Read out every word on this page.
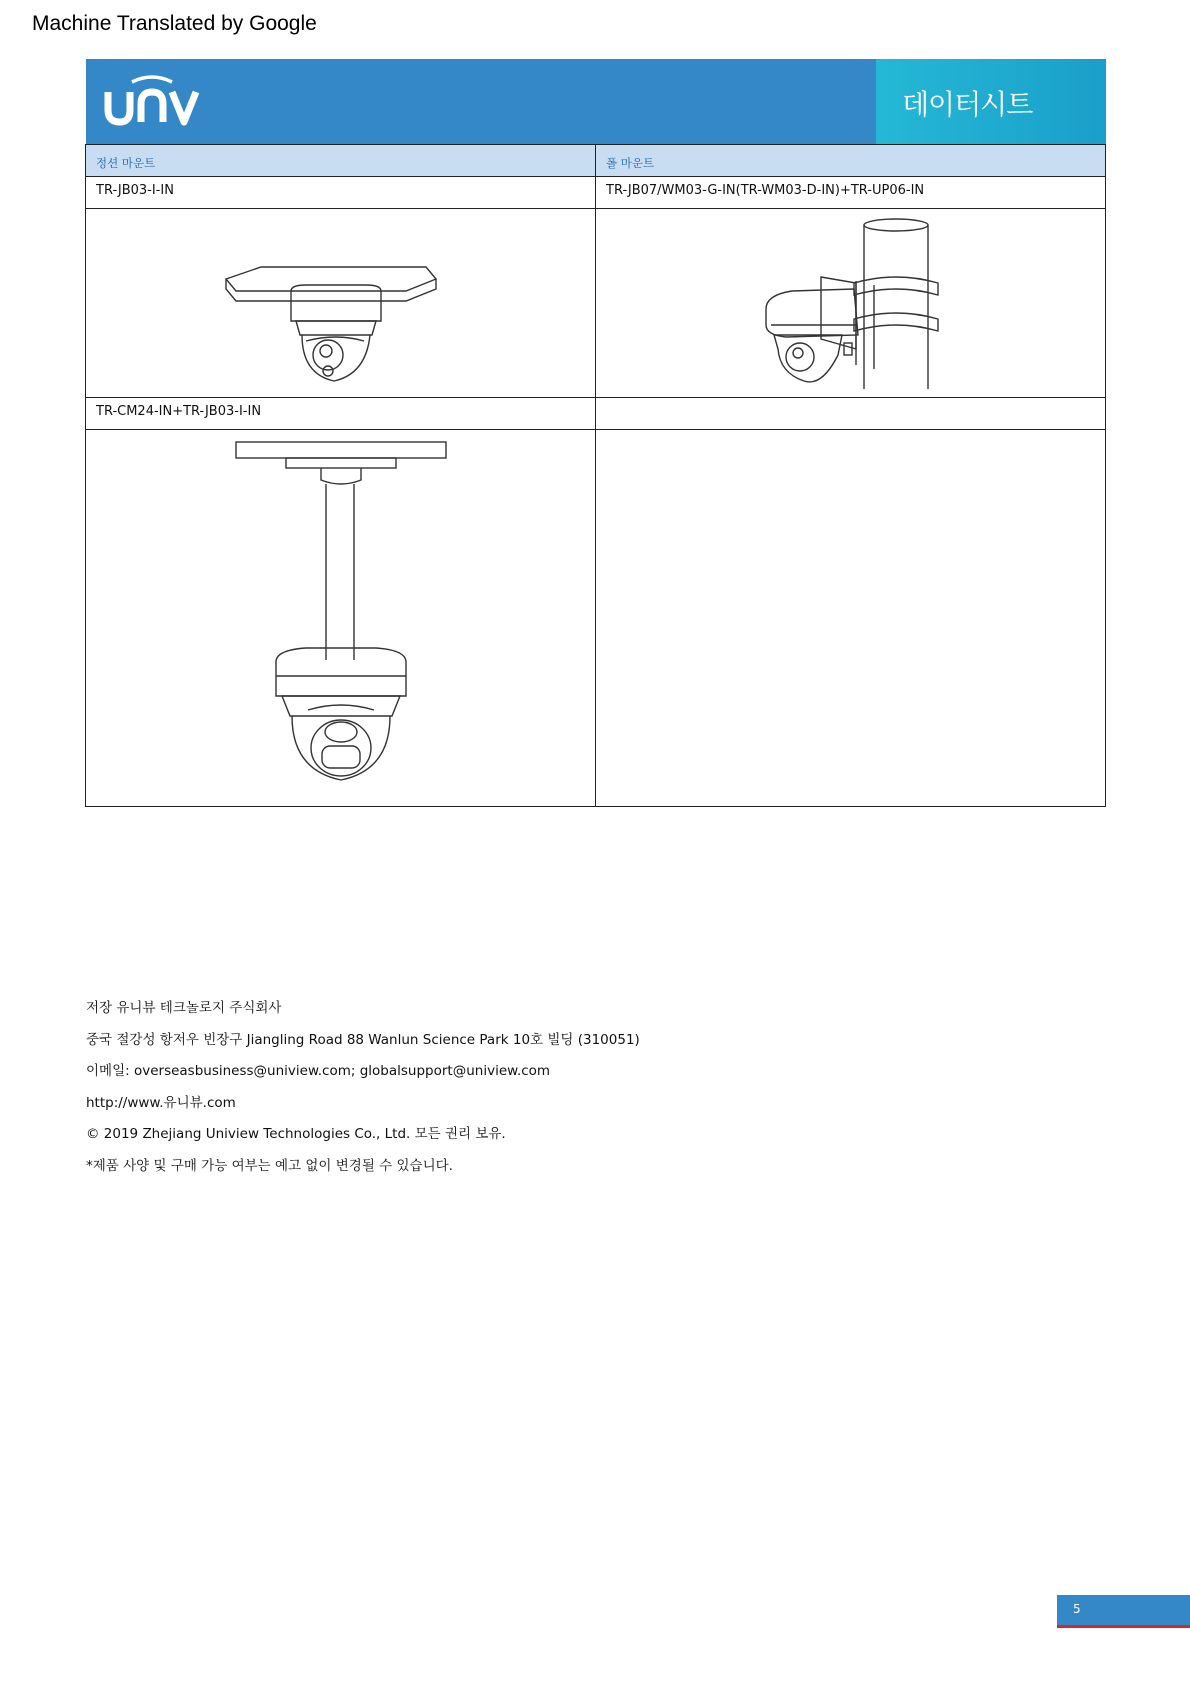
Machine Translated by Google
데이터시트
정션 마운트	폴 마운트
TR-JB03-I-IN	TR-JB07/WM03-G-IN(TR-WM03-D-IN)+TR-UP06-IN

TR-CM24-IN+TR-JB03-I-IN	

저장 유니뷰 테크놀로지 주식회사
중국 절강성 항저우 빈장구 Jiangling Road 88 Wanlun Science Park 10호 빌딩 (310051)
이메일: overseasbusiness@uniview.com; globalsupport@uniview.com
http://www.유니뷰.com
© 2019 Zhejiang Uniview Technologies Co., Ltd. 모든 권리 보유.
*제품 사양 및 구매 가능 여부는 예고 없이 변경될 수 있습니다.
5
